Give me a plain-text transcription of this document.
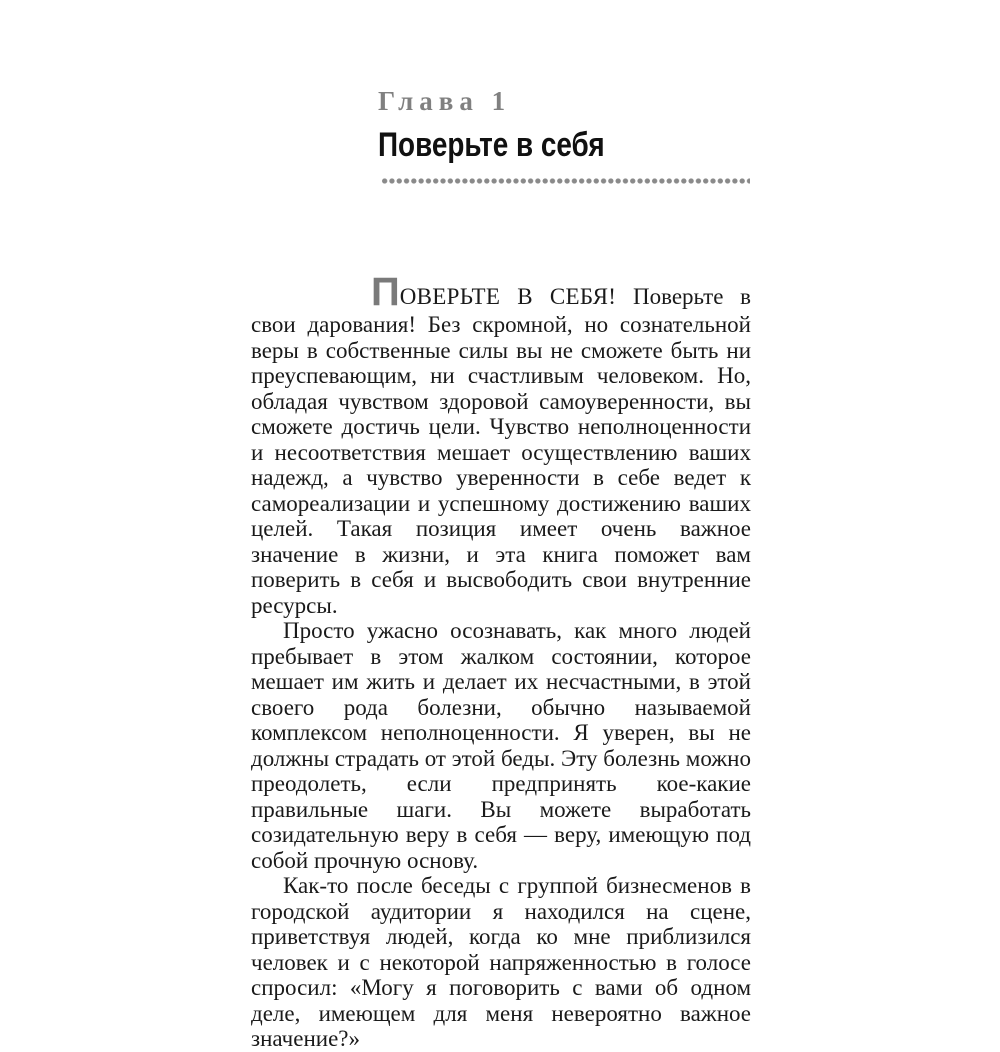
Глава 1
Поверьте в себя

ПОВЕРЬТЕ В СЕБЯ! Поверьте в свои дарования! Без скромной, но сознательной веры в собственные силы вы не сможете быть ни преуспевающим, ни счастливым человеком. Но, обладая чувством здоровой самоуверенности, вы сможете достичь цели. Чувство неполноценности и несоответствия мешает осуществлению ваших надежд, а чувство уверенности в себе ведет к самореализации и успешному достижению ваших целей. Такая позиция имеет очень важное значение в жизни, и эта книга поможет вам поверить в себя и высвободить свои внутренние ресурсы.

Просто ужасно осознавать, как много людей пребывает в этом жалком состоянии, которое мешает им жить и делает их несчастными, в этой своего рода болезни, обычно называемой комплексом неполноценности. Я уверен, вы не должны страдать от этой беды. Эту болезнь можно преодолеть, если предпринять кое-какие правильные шаги. Вы можете выработать созидательную веру в себя — веру, имеющую под собой прочную основу.

Как-то после беседы с группой бизнесменов в городской аудитории я находился на сцене, приветствуя людей, когда ко мне приблизился человек и с некоторой напряженностью в голосе спросил: «Могу я поговорить с вами об одном деле, имеющем для меня невероятно важное значение?»
